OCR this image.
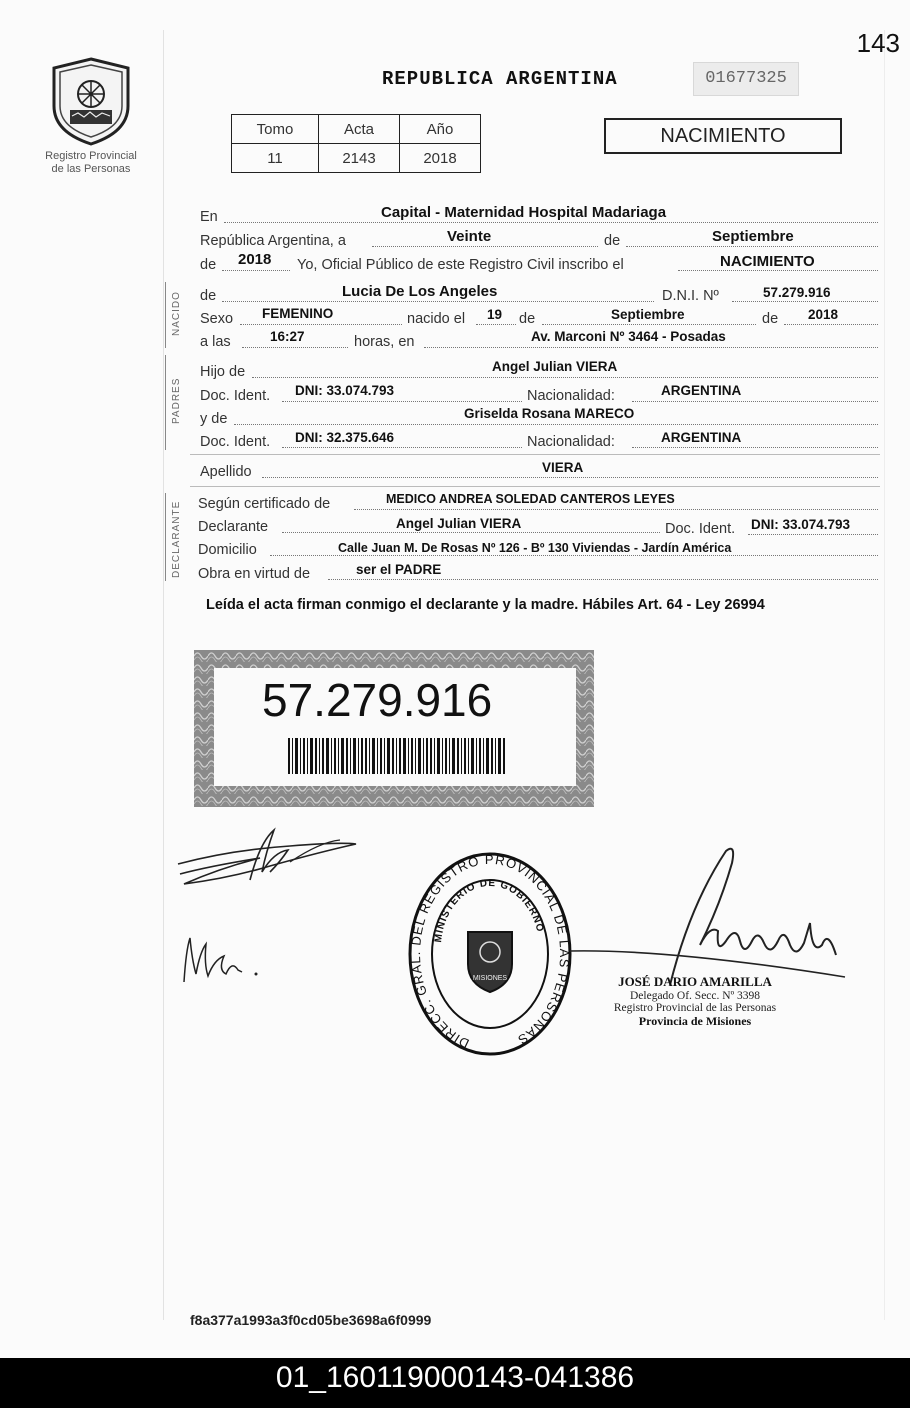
143
Registro Provincial
de las Personas
REPUBLICA ARGENTINA	01677325
Tomo	Acta	Año
11	2143	2018
NACIMIENTO
En	Capital - Maternidad Hospital Madariaga
República Argentina, a	Veinte	de	Septiembre
de 2018 Yo, Oficial Público de este Registro Civil inscribo el	NACIMIENTO
NACIDO de	Lucia De Los Angeles	D.N.I. Nº	57.279.916
Sexo FEMENINO	nacido el 19 de	Septiembre	de 2018
a las	16:27	horas, en	Av. Marconi Nº 3464 - Posadas
PADRES
Hijo de	Angel Julian VIERA
Doc. Ident. DNI: 33.074.793	Nacionalidad:	ARGENTINA
y de	Griselda Rosana MARECO
Doc. Ident. DNI: 32.375.646	Nacionalidad:	ARGENTINA
Apellido	VIERA
DECLARANTE Según certificado de	MEDICO ANDREA SOLEDAD CANTEROS LEYES
Declarante	Angel Julian VIERA	Doc. Ident. DNI: 33.074.793
Domicilio	Calle Juan M. De Rosas Nº 126 - Bº 130 Viviendas - Jardín América
Obra en virtud de	ser el PADRE
Leída el acta firman conmigo el declarante y la madre. Hábiles Art. 64 - Ley 26994
57.279.916
DIRECC. GRAL. DEL REGISTRO PROVINCIAL DE LAS PERSONAS
MINISTERIO DE GOBIERNO
MISIONES	JOSÉ DARIO AMARILLA
Delegado Of. Secc. Nº 3398
Registro Provincial de las Personas
Provincia de Misiones
f8a377a1993a3f0cd05be3698a6f0999
01_160119000143-041386
